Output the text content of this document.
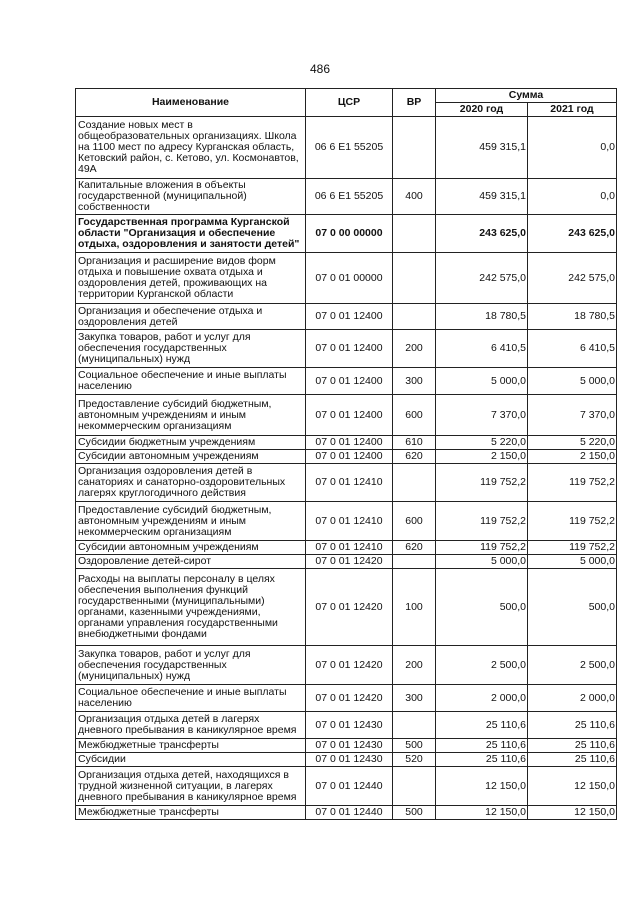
486
Наименование	ЦСР	ВР	Сумма	
			2020 год	2021 год
Создание новых мест в общеобразовательных организациях. Школа на 1100 мест по адресу Курганская область, Кетовский район, с. Кетово, ул. Космонавтов, 49А	06 6 E1 55205		459 315,1	0,0
Капитальные вложения в объекты государственной (муниципальной) собственности	06 6 E1 55205	400	459 315,1	0,0
Государственная программа Курганской области "Организация и обеспечение отдыха, оздоровления и занятости детей"	07 0 00 00000		243 625,0	243 625,0
Организация и расширение видов форм отдыха и повышение охвата отдыха и оздоровления детей, проживающих на территории Курганской области	07 0 01 00000		242 575,0	242 575,0
Организация и обеспечение отдыха и оздоровления детей	07 0 01 12400		18 780,5	18 780,5
Закупка товаров, работ и услуг для обеспечения государственных (муниципальных) нужд	07 0 01 12400	200	6 410,5	6 410,5
Социальное обеспечение и иные выплаты населению	07 0 01 12400	300	5 000,0	5 000,0
Предоставление субсидий бюджетным, автономным учреждениям и иным некоммерческим организациям	07 0 01 12400	600	7 370,0	7 370,0
Субсидии бюджетным учреждениям	07 0 01 12400	610	5 220,0	5 220,0
Субсидии автономным учреждениям	07 0 01 12400	620	2 150,0	2 150,0
Организация оздоровления детей в санаториях и санаторно-оздоровительных лагерях круглогодичного действия	07 0 01 12410		119 752,2	119 752,2
Предоставление субсидий бюджетным, автономным учреждениям и иным некоммерческим организациям	07 0 01 12410	600	119 752,2	119 752,2
Субсидии автономным учреждениям	07 0 01 12410	620	119 752,2	119 752,2
Оздоровление детей-сирот	07 0 01 12420		5 000,0	5 000,0
Расходы на выплаты персоналу в целях обеспечения выполнения функций государственными (муниципальными) органами, казенными учреждениями, органами управления государственными внебюджетными фондами	07 0 01 12420	100	500,0	500,0
Закупка товаров, работ и услуг для обеспечения государственных (муниципальных) нужд	07 0 01 12420	200	2 500,0	2 500,0
Социальное обеспечение и иные выплаты населению	07 0 01 12420	300	2 000,0	2 000,0
Организация отдыха детей в лагерях дневного пребывания в каникулярное время	07 0 01 12430		25 110,6	25 110,6
Межбюджетные трансферты	07 0 01 12430	500	25 110,6	25 110,6
Субсидии	07 0 01 12430	520	25 110,6	25 110,6
Организация отдыха детей, находящихся в трудной жизненной ситуации, в лагерях дневного пребывания в каникулярное время	07 0 01 12440		12 150,0	12 150,0
Межбюджетные трансферты	07 0 01 12440	500	12 150,0	12 150,0
